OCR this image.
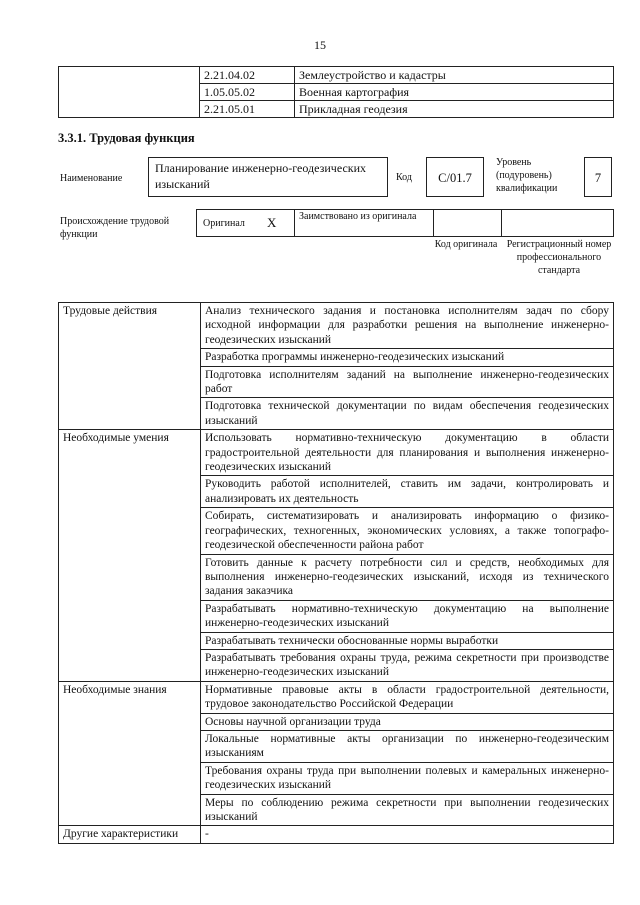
15
	2.21.04.02	Землеустройство и кадастры
	1.05.05.02	Военная картография
	2.21.05.01	Прикладная геодезия
3.3.1. Трудовая функция
Наименование
Планирование инженерно-геодезических изысканий	Код	С/01.7
Уровень (подуровень) квалификации
7
Происхождение трудовой функции
Оригинал X Заимствовано из оригинала
Код оригинала Регистрационный номер профессионального стандарта
Трудовые действия	Анализ технического задания и постановка исполнителям задач по сбору исходной информации для разработки решения на выполнение инженерно-геодезических изысканий
	Разработка программы инженерно-геодезических изысканий
	Подготовка исполнителям заданий на выполнение инженерно-геодезических работ
	Подготовка технической документации по видам обеспечения геодезических изысканий
Необходимые умения	Использовать нормативно-техническую документацию в области градостроительной деятельности для планирования и выполнения инженерно-геодезических изысканий
	Руководить работой исполнителей, ставить им задачи, контролировать и анализировать их деятельность
	Собирать, систематизировать и анализировать информацию о физико-географических, техногенных, экономических условиях, а также топографо-геодезической обеспеченности района работ
	Готовить данные к расчету потребности сил и средств, необходимых для выполнения инженерно-геодезических изысканий, исходя из технического задания заказчика
	Разрабатывать нормативно-техническую документацию на выполнение инженерно-геодезических изысканий
	Разрабатывать технически обоснованные нормы выработки
	Разрабатывать требования охраны труда, режима секретности при производстве инженерно-геодезических изысканий
Необходимые знания	Нормативные правовые акты в области градостроительной деятельности, трудовое законодательство Российской Федерации
	Основы научной организации труда
	Локальные нормативные акты организации по инженерно-геодезическим изысканиям
	Требования охраны труда при выполнении полевых и камеральных инженерно-геодезических изысканий
	Меры по соблюдению режима секретности при выполнении геодезических изысканий
Другие характеристики	-
